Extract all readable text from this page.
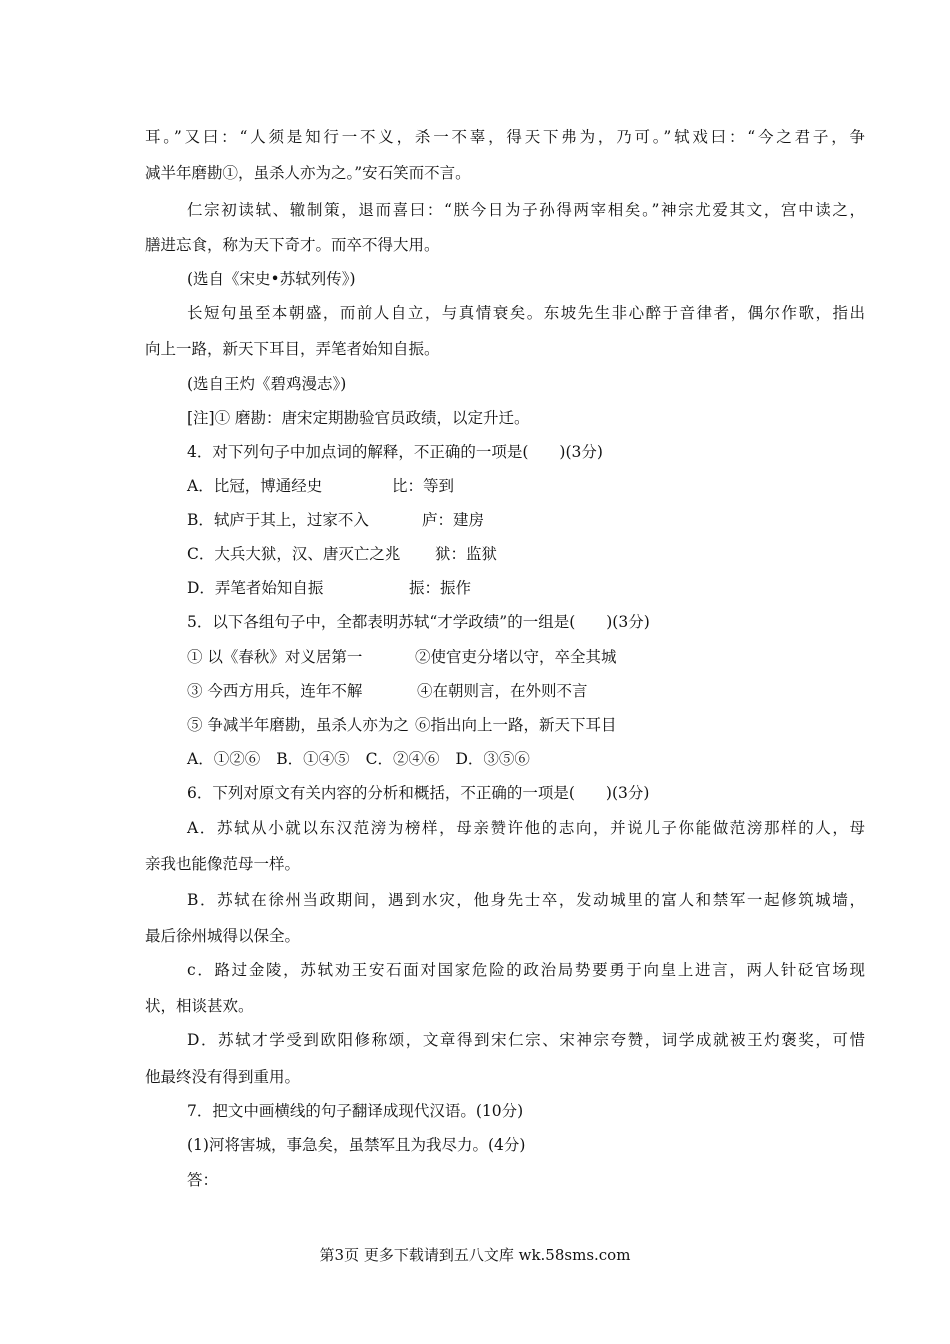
耳。”又曰：“人须是知行一不义，杀一不辜，得天下弗为，乃可。”轼戏曰：“今之君子，争
减半年磨勘①，虽杀人亦为之。”安石笑而不言。
仁宗初读轼、辙制策，退而喜曰：“朕今日为子孙得两宰相矣。”神宗尤爱其文，宫中读之，
膳进忘食，称为天下奇才。而卒不得大用。
(选自《宋史•苏轼列传》)
长短句虽至本朝盛，而前人自立，与真情衰矣。东坡先生非心醉于音律者，偶尔作歌，指出
向上一路，新天下耳目，弄笔者始知自振。
(选自王灼《碧鸡漫志》)
[注]① 磨勘：唐宋定期勘验官员政绩，以定升迁。
4．对下列句子中加点词的解释，不正确的一项是(　　)(3分)
A．比冠，博通经史	比：等到
B．轼庐于其上，过家不入	庐：建房
C．大兵大狱，汉、唐灭亡之兆 狱：监狱
D．弄笔者始知自振	振：振作
5．以下各组句子中，全都表明苏轼“才学政绩”的一组是(　　)(3分)
① 以《春秋》对义居第一	②使官吏分堵以守，卒全其城
③ 今西方用兵，连年不解	④在朝则言，在外则不言
⑤ 争减半年磨勘，虽杀人亦为之 ⑥指出向上一路，新天下耳目
A．①②⑥ B．①④⑤ C．②④⑥ D．③⑤⑥
6．下列对原文有关内容的分析和概括，不正确的一项是(　　)(3分)
A．苏轼从小就以东汉范滂为榜样，母亲赞许他的志向，并说儿子你能做范滂那样的人，母
亲我也能像范母一样。
B．苏轼在徐州当政期间，遇到水灾，他身先士卒，发动城里的富人和禁军一起修筑城墙，
最后徐州城得以保全。
c．路过金陵，苏轼劝王安石面对国家危险的政治局势要勇于向皇上进言，两人针砭官场现
状，相谈甚欢。
D．苏轼才学受到欧阳修称颂，文章得到宋仁宗、宋神宗夸赞，词学成就被王灼褒奖，可惜
他最终没有得到重用。
7．把文中画横线的句子翻译成现代汉语。(10分)
(1)河将害城，事急矣，虽禁军且为我尽力。(4分)
答：
第3页 更多下载请到五八文库 wk.58sms.com
